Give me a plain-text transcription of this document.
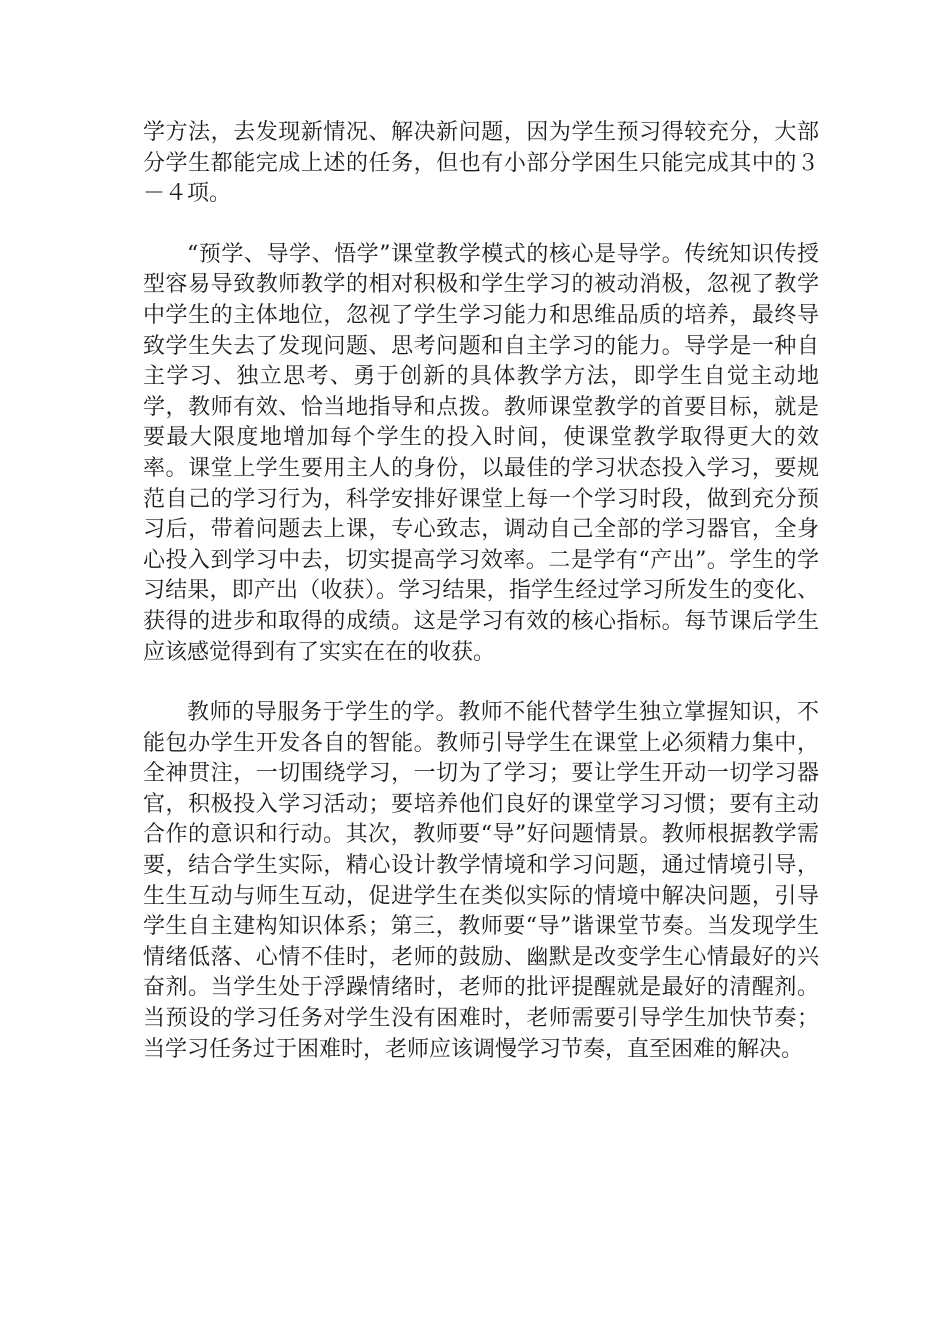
学方法，去发现新情况、解决新问题，因为学生预习得较充分，大部分学生都能完成上述的任务，但也有小部分学困生只能完成其中的３－４项。

“预学、导学、悟学”课堂教学模式的核心是导学。传统知识传授型容易导致教师教学的相对积极和学生学习的被动消极，忽视了教学中学生的主体地位，忽视了学生学习能力和思维品质的培养，最终导致学生失去了发现问题、思考问题和自主学习的能力。导学是一种自主学习、独立思考、勇于创新的具体教学方法，即学生自觉主动地学，教师有效、恰当地指导和点拨。教师课堂教学的首要目标，就是要最大限度地增加每个学生的投入时间，使课堂教学取得更大的效率。课堂上学生要用主人的身份，以最佳的学习状态投入学习，要规范自己的学习行为，科学安排好课堂上每一个学习时段，做到充分预习后，带着问题去上课，专心致志，调动自己全部的学习器官，全身心投入到学习中去，切实提高学习效率。二是学有“产出”。学生的学习结果，即产出（收获）。学习结果，指学生经过学习所发生的变化、获得的进步和取得的成绩。这是学习有效的核心指标。每节课后学生应该感觉得到有了实实在在的收获。

教师的导服务于学生的学。教师不能代替学生独立掌握知识，不能包办学生开发各自的智能。教师引导学生在课堂上必须精力集中，全神贯注，一切围绕学习，一切为了学习；要让学生开动一切学习器官，积极投入学习活动；要培养他们良好的课堂学习习惯；要有主动合作的意识和行动。其次，教师要“导”好问题情景。教师根据教学需要，结合学生实际，精心设计教学情境和学习问题，通过情境引导，生生互动与师生互动，促进学生在类似实际的情境中解决问题，引导学生自主建构知识体系；第三，教师要“导”谐课堂节奏。当发现学生情绪低落、心情不佳时，老师的鼓励、幽默是改变学生心情最好的兴奋剂。当学生处于浮躁情绪时，老师的批评提醒就是最好的清醒剂。当预设的学习任务对学生没有困难时，老师需要引导学生加快节奏；当学习任务过于困难时，老师应该调慢学习节奏，直至困难的解决。
